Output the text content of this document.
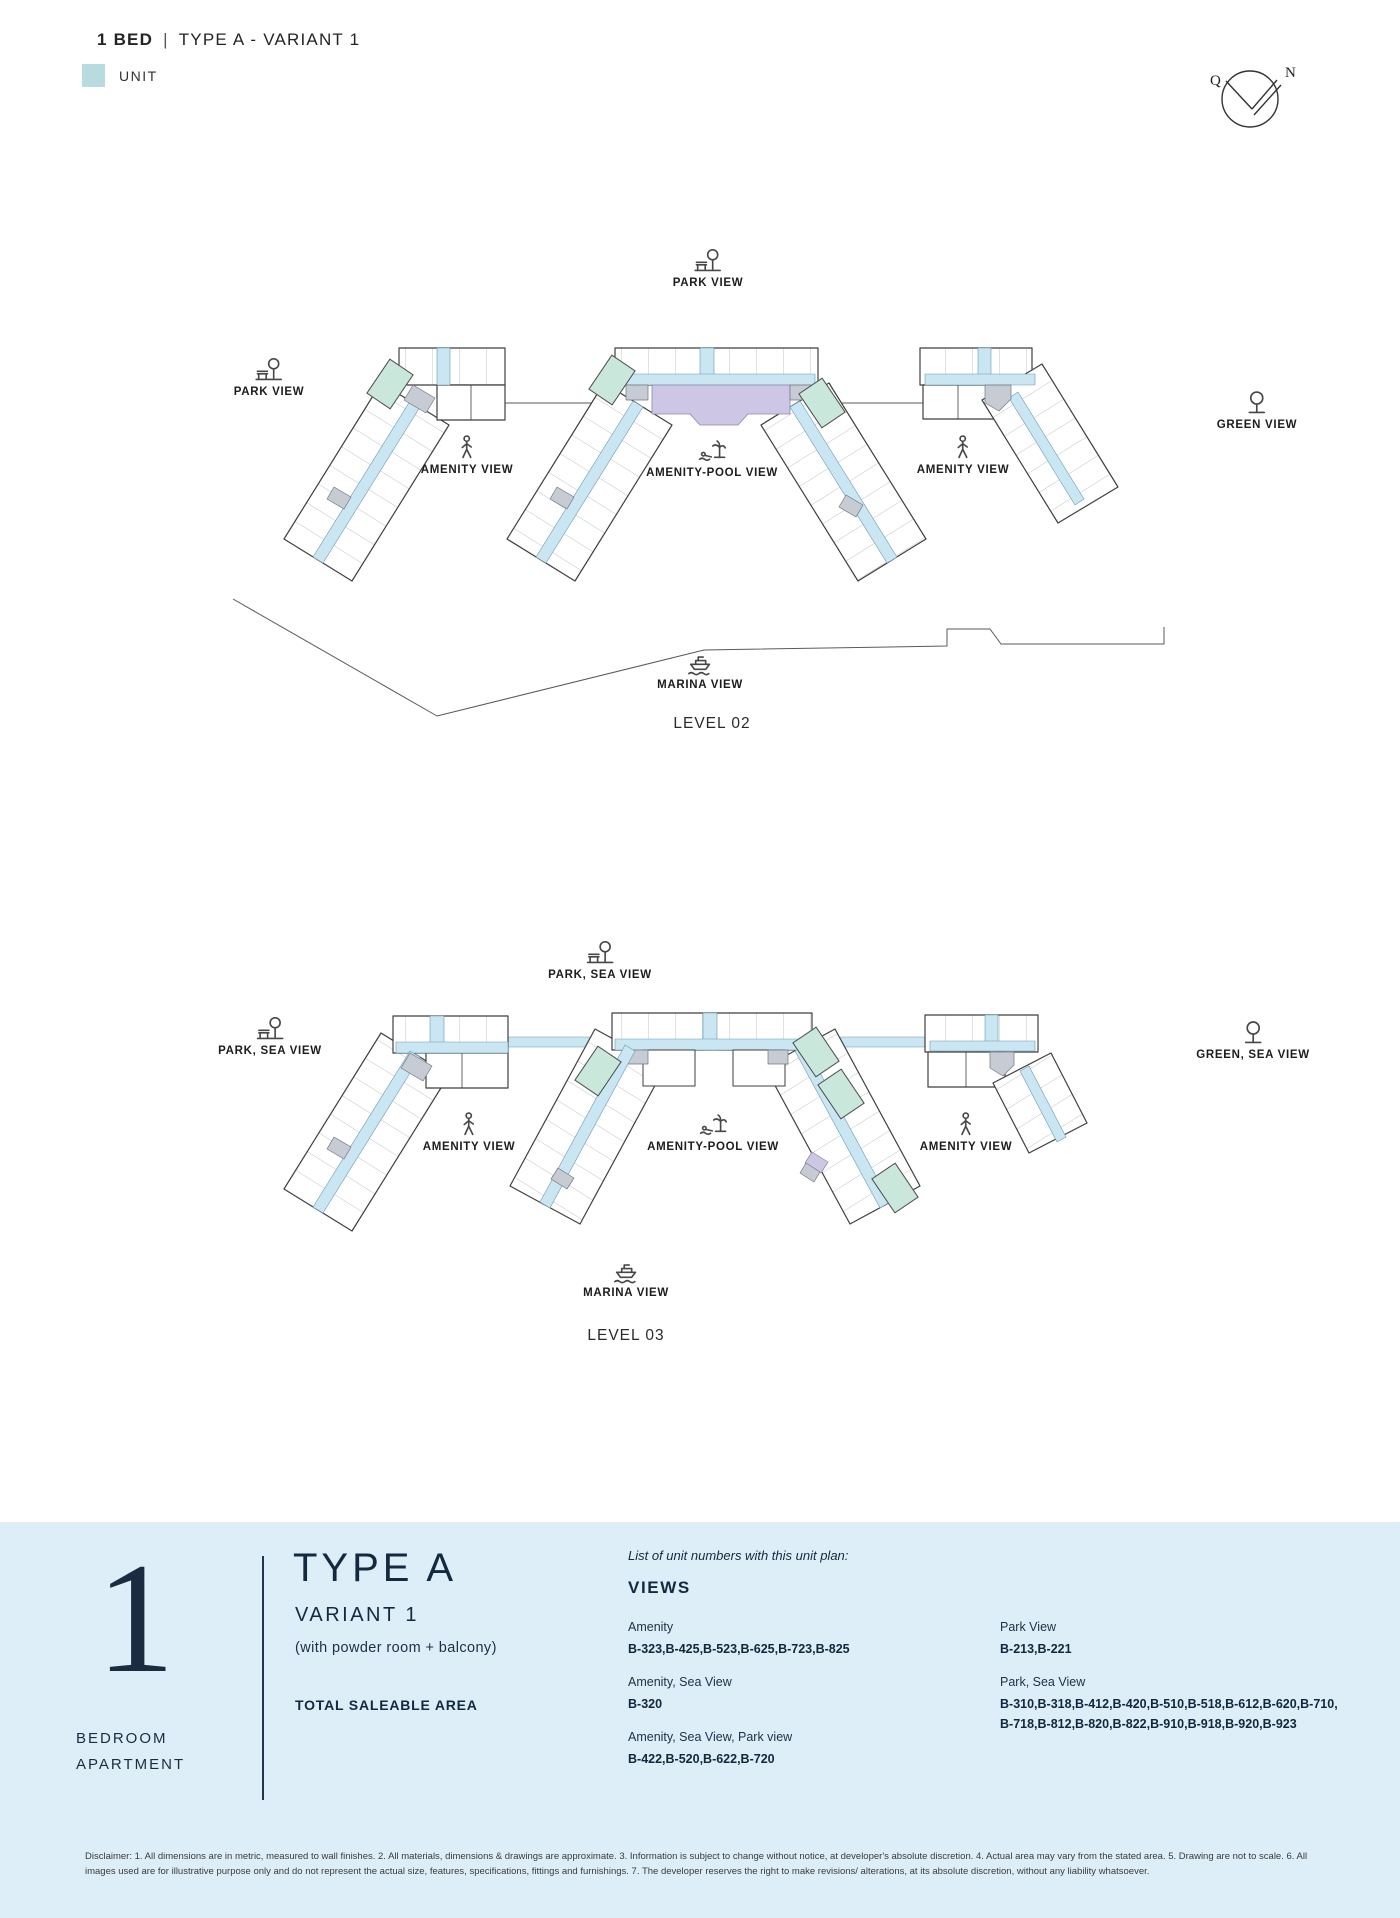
1 BED | TYPE A - VARIANT 1
UNIT	Q	N
PARK VIEW
PARK VIEW
GREEN VIEW
AMENITY VIEW	AMENITY-POOL VIEW	AMENITY VIEW
MARINA VIEW
PARK, SEA VIEW
PARK, SEA VIEW
GREEN, SEA VIEW
AMENITY VIEW	AMENITY-POOL VIEW	AMENITY VIEW
MARINA VIEW
LEVEL 02
LEVEL 03
1
BEDROOM
APARTMENT
TYPE A
VARIANT 1
(with powder room + balcony)
TOTAL SALEABLE AREA
List of unit numbers with this unit plan:
VIEWS
Amenity
B-323,B-425,B-523,B-625,B-723,B-825
Amenity, Sea View
B-320
Amenity, Sea View, Park view
B-422,B-520,B-622,B-720
Park View
B-213,B-221
Park, Sea View
B-310,B-318,B-412,B-420,B-510,B-518,B-612,B-620,B-710, B-718,B-812,B-820,B-822,B-910,B-918,B-920,B-923
Disclaimer: 1. All dimensions are in metric, measured to wall finishes. 2. All materials, dimensions & drawings are approximate. 3. Information is subject to change without notice, at developer's absolute discretion. 4. Actual area may vary from the stated area. 5. Drawing are not to scale. 6. All images used are for illustrative purpose only and do not represent the actual size, features, specifications, fittings and furnishings. 7. The developer reserves the right to make revisions/ alterations, at its absolute discretion, without any liability whatsoever.
